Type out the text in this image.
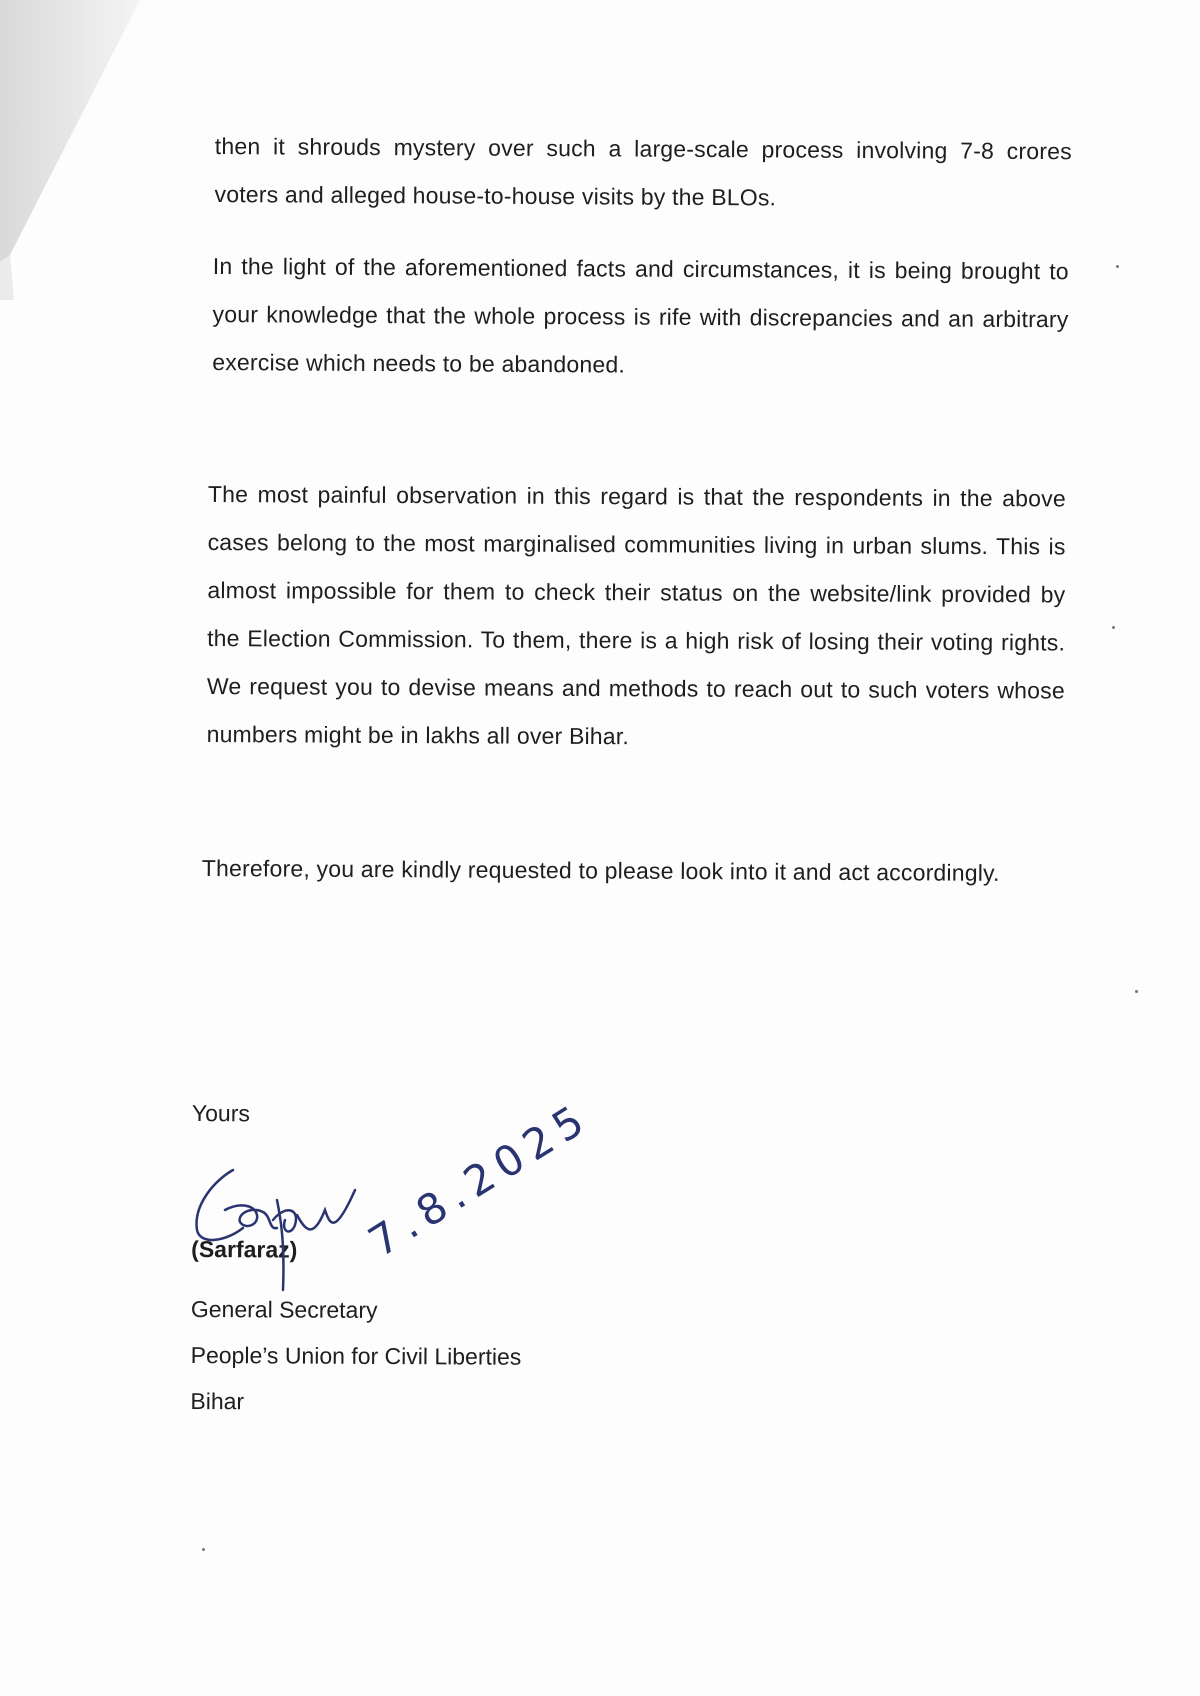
then it shrouds mystery over such a large-scale process involving 7-8 crores voters and alleged house-to-house visits by the BLOs.

In the light of the aforementioned facts and circumstances, it is being brought to your knowledge that the whole process is rife with discrepancies and an arbitrary exercise which needs to be abandoned.

The most painful observation in this regard is that the respondents in the above cases belong to the most marginalised communities living in urban slums. This is almost impossible for them to check their status on the website/link provided by the Election Commission. To them, there is a high risk of losing their voting rights. We request you to devise means and methods to reach out to such voters whose numbers might be in lakhs all over Bihar.

Therefore, you are kindly requested to please look into it and act accordingly.

Yours
(Sarfaraz)
General Secretary
People’s Union for Civil Liberties
Bihar
7.8.2025
